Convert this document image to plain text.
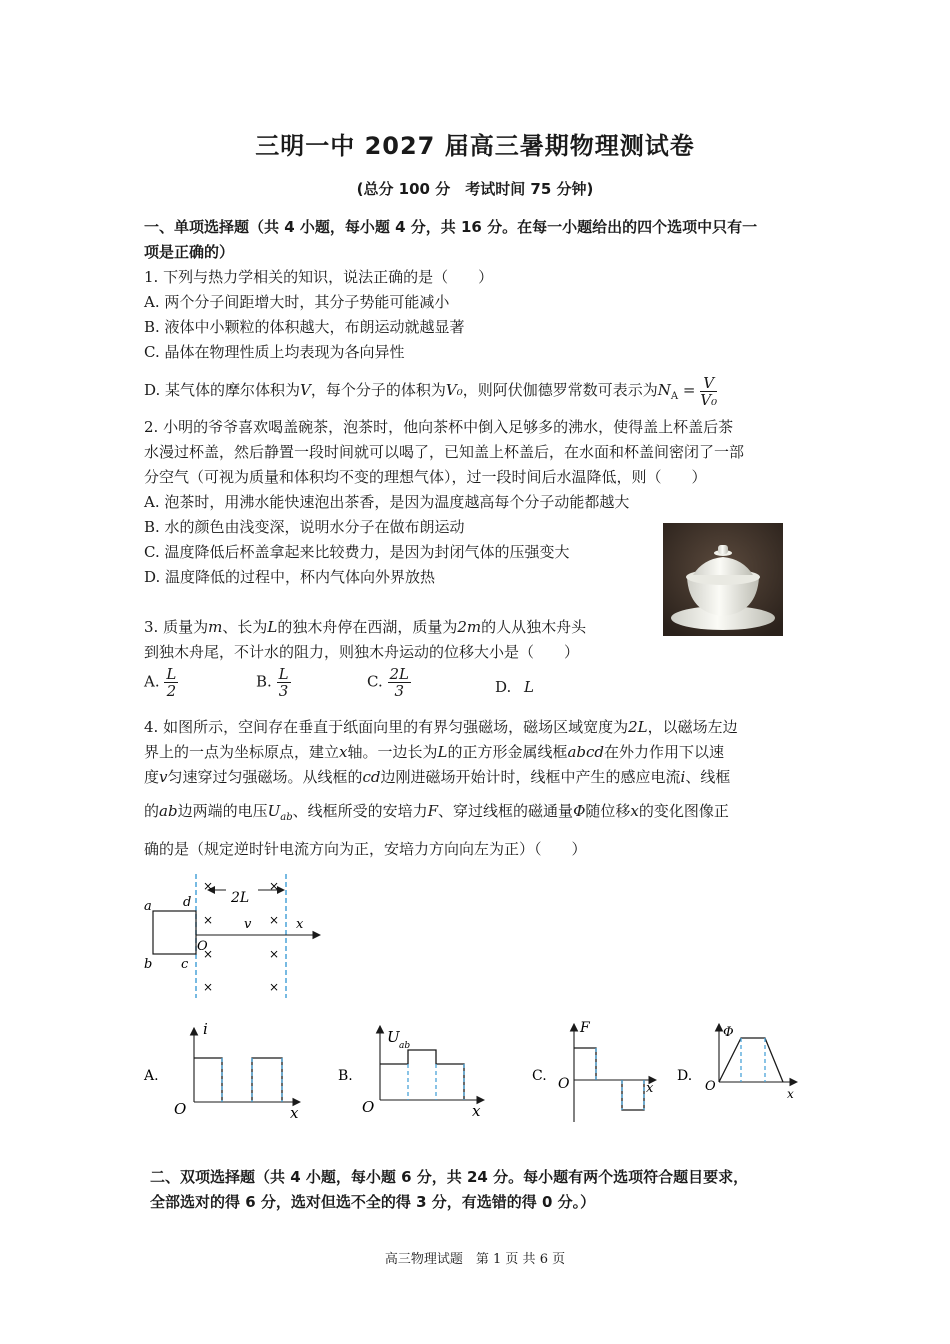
三明一中 2027 届高三暑期物理测试卷
(总分 100 分　考试时间 75 分钟)
一、单项选择题（共 4 小题，每小题 4 分，共 16 分。在每一小题给出的四个选项中只有一
项是正确的）
1. 下列与热力学相关的知识，说法正确的是（　　）
A. 两个分子间距增大时，其分子势能可能减小
B. 液体中小颗粒的体积越大，布朗运动就越显著
C. 晶体在物理性质上均表现为各向异性
D. 某气体的摩尔体积为V，每个分子的体积为V₀，则阿伏伽德罗常数可表示为$N_A = \frac{V}{\text{V₀}}$
2. 小明的爷爷喜欢喝盖碗茶，泡茶时，他向茶杯中倒入足够多的沸水，使得盖上杯盖后茶
水漫过杯盖，然后静置一段时间就可以喝了，已知盖上杯盖后，在水面和杯盖间密闭了一部
分空气（可视为质量和体积均不变的理想气体），过一段时间后水温降低，则（　　）
A. 泡茶时，用沸水能快速泡出茶香，是因为温度越高每个分子动能都越大
B. 水的颜色由浅变深，说明水分子在做布朗运动
C. 温度降低后杯盖拿起来比较费力，是因为封闭气体的压强变大
D. 温度降低的过程中，杯内气体向外界放热
3. 质量为m、长为L的独木舟停在西湖，质量为2m的人从独木舟头
到独木舟尾，不计水的阻力，则独木舟运动的位移大小是（　　）
A. $\frac{L}{2}$	B. $\frac{L}{3}$	C. $\frac{2L}{3}$	D. L
4. 如图所示，空间存在垂直于纸面向里的有界匀强磁场，磁场区域宽度为2L，以磁场左边
界上的一点为坐标原点，建立x轴。一边长为L的正方形金属线框abcd在外力作用下以速
度v匀速穿过匀强磁场。从线框的cd边刚进磁场开始计时，线框中产生的感应电流i、线框
的ab边两端的电压$U_{ab}$、线框所受的安培力F、穿过线框的磁通量Φ随位移x的变化图像正
确的是（规定逆时针电流方向为正，安培力方向向左为正）（　　）
2L
a
b c
d
O
v	x
×	×
×	×
×	×
×	×
A.
i
O	x
B.
U ab
O	x
C.
F
O	x
D.
Φ
O	x
二、双项选择题（共 4 小题，每小题 6 分，共 24 分。每小题有两个选项符合题目要求，
全部选对的得 6 分，选对但选不全的得 3 分，有选错的得 0 分。）
高三物理试题　第 1 页 共 6 页
